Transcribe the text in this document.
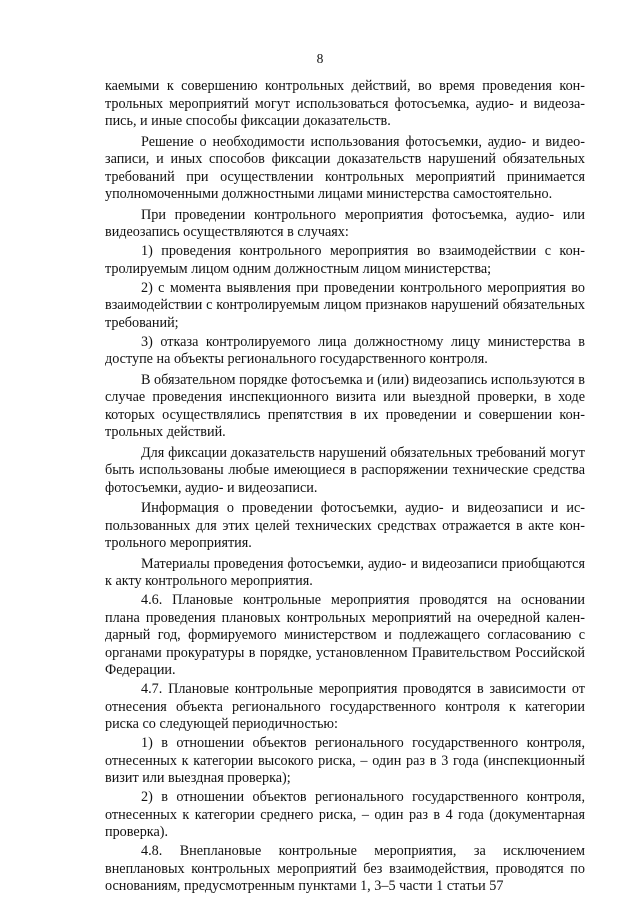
8

каемыми к совершению контрольных действий, во время проведения контрольных мероприятий могут использоваться фотосъемка, аудио- и видеозапись, и иные способы фиксации доказательств.

Решение о необходимости использования фотосъемки, аудио- и видеозаписи, и иных способов фиксации доказательств нарушений обязательных требований при осуществлении контрольных мероприятий принимается уполномоченными должностными лицами министерства самостоятельно.

При проведении контрольного мероприятия фотосъемка, аудио- или видеозапись осуществляются в случаях:

1) проведения контрольного мероприятия во взаимодействии с контролируемым лицом одним должностным лицом министерства;

2) с момента выявления при проведении контрольного мероприятия во взаимодействии с контролируемым лицом признаков нарушений обязательных требований;

3) отказа контролируемого лица должностному лицу министерства в доступе на объекты регионального государственного контроля.

В обязательном порядке фотосъемка и (или) видеозапись используются в случае проведения инспекционного визита или выездной проверки, в ходе которых осуществлялись препятствия в их проведении и совершении контрольных действий.

Для фиксации доказательств нарушений обязательных требований могут быть использованы любые имеющиеся в распоряжении технические средства фотосъемки, аудио- и видеозаписи.

Информация о проведении фотосъемки, аудио- и видеозаписи и использованных для этих целей технических средствах отражается в акте контрольного мероприятия.

Материалы проведения фотосъемки, аудио- и видеозаписи приобщаются к акту контрольного мероприятия.

4.6. Плановые контрольные мероприятия проводятся на основании плана проведения плановых контрольных мероприятий на очередной календарный год, формируемого министерством и подлежащего согласованию с органами прокуратуры в порядке, установленном Правительством Российской Федерации.

4.7. Плановые контрольные мероприятия проводятся в зависимости от отнесения объекта регионального государственного контроля к категории риска со следующей периодичностью:

1) в отношении объектов регионального государственного контроля, отнесенных к категории высокого риска, – один раз в 3 года (инспекционный визит или выездная проверка);

2) в отношении объектов регионального государственного контроля, отнесенных к категории среднего риска, – один раз в 4 года (документарная проверка).

4.8. Внеплановые контрольные мероприятия, за исключением внеплановых контрольных мероприятий без взаимодействия, проводятся по основаниям, предусмотренным пунктами 1, 3–5 части 1 статьи 57
